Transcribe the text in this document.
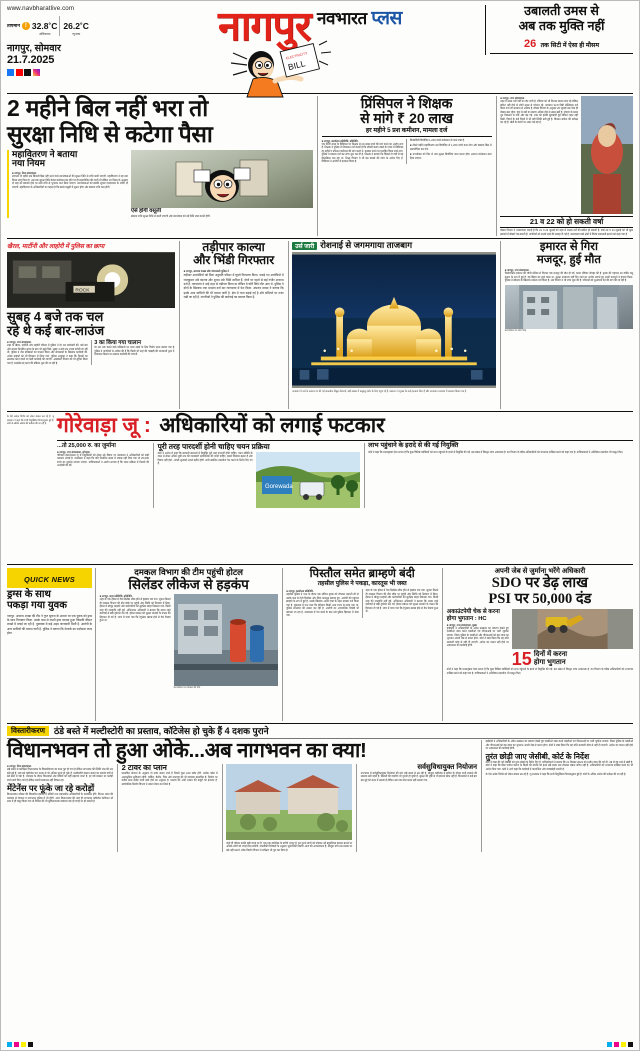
www.navbharatlive.com
तापमान ! 32.8˚C
अधिकतम
26.2˚C
न्यूनतम
नागपुर, सोमवार
21.7.2025
नागपुर नवभारत प्लस
ELECTRICITY
BILL
उबालती उमस से
अब तक मुक्ति नहीं
26 तक सिटी में ऐसा ही मौसम
2 महीने बिल नहीं भरा तो
सुरक्षा निधि से कटेगा पैसा
महावितरण ने बताया
नया नियम
■ नागपुर, निज संवाददाता.
लगातार दो महीने तक बिजली बिल नहीं भरने वाले उपभोक्ताओं की सुरक्षा निधि से राशि काटी जाएगी. महावितरण ने यह नया नियम लागू किया है. अब तक सुरक्षा निधि केवल कनेक्शन बंद होने पर ही समायोजित की जाती थी लेकिन नए नियम के अनुसार दो माह का बकाया होने पर उसी राशि से भुगतान मान लिया जाएगा. उपभोक्ताओं को इसकी सूचना एसएमएस के जरिए दी जाएगी. महावितरण के अधिकारियों का कहना है कि इससे वसूली में सुधार होगा और बकाया राशि कम होगी.
ऐसे होगी वसूली
बकाया राशि सुरक्षा निधि से काटी जाएगी और उपभोक्ता को नई निधि जमा करनी होगी.
प्रिंसिपल ने शिक्षक
से मांगे ₹ 20 लाख
हर महीने 5 प्रश कमीशन, मामला दर्ज
■ नागपुर, कार्यालय प्रतिनिधि, प्रतिनिधि.
एक निजी शाला के प्रिंसिपल पर शिक्षक से 20 लाख रुपये की मांग करने का आरोप लगा है. शिक्षक ने पुलिस में शिकायत दर्ज कराई है कि नौकरी बनाए रखने के एवज में प्रिंसिपल हर महीने 5 प्रतिशत कमीशन की मांग करते थे. इनकार करने पर प्रताड़ित किया जाने लगा. पुलिस ने मामला दर्ज कर जांच शुरू कर दी है. शिक्षक ने बताया कि पिछले दो वर्षों से यह सिलसिला चल रहा था. शिक्षा विभाग ने भी इस मामले की जांच के आदेश दिए हैं. प्रिंसिपल ने आरोपों से इनकार किया है.
सिक्योरिटी डिपॉजिट 1,200 रुपये कनेक्शन के पास जमा है.
■ तीसरे महीने महावितरण उस डिपॉजिट से 1,200 रुपये काट लेगा और बकाया बिल में समायोजित कर देगा.
■ उपभोक्ता को फिर से नया सुरक्षा डिपॉजिट जमा करना होगा अन्यथा कनेक्शन काट दिया जाएगा.
■ नागपुर, नगर संवाददाता.
शहर में उमस भरी गर्मी का दौर जारी है. रविवार को भी दिनभर बादल छाए रहे लेकिन बारिश नहीं होने से लोगों उमस से परेशान रहे. तापमान 32.8 डिग्री सेल्सियस दर्ज किया गया जो सामान्य से अधिक है. मौसम विभाग के अनुसार 26 जुलाई तक ऐसा ही मौसम बना रहेगा. हवा में नमी का प्रमाण अधिक होने से उमस बढ़ी है. दोपहर के समय धूप निकलने से गर्मी और बढ़ गई. शाम को हल्की बूंदाबांदी हुई लेकिन राहत नहीं मिली. विदर्भ के कई जिलों में भी यही स्थिति बनी हुई है. किसान बारिश की प्रतीक्षा कर रहे हैं. खेती के कामों पर असर पड़ रहा है.
21 व 22 को हो सकती वर्षा
मौसम विभाग ने भाकणवाद जताई है कि 21 व 22 जुलाई को शहर में मध्यम दर्जे की बारिश हो सकती है. वर्षा 23 व 24 जुलाई को भी कुछ इलाकों में बौछारें पड़ सकती हैं. नागरिकों को सतर्क रहने की सलाह दी गई है. जलजमाव वाले क्षेत्रों में विशेष सावधानी बरतने को कहा गया है.
खैरल, मार्टीनी और लाहोरी में पुलिस का छापा
ROCK
सुबह 4 बजे तक चल
रहे थे कई बार-लाउंज
■ नागपुर, नगर संवाददाता.
शहर के खैरल, मार्टीनी और लाहोरी परिसर में पुलिस ने देर रात छापेमारी की. कई बार और लाउंज निर्धारित समय के बाद भी खुले मिले. सुबह 4 बजे तक शराब परोसी जा रही थी. पुलिस ने तीन प्रतिष्ठानों का चालान किया और संचालकों के खिलाफ कार्रवाई की. अनेक ग्राहकों को भी हिरासत में लिया गया. पुलिस आयुक्त ने कहा कि नियमों का उल्लंघन करने वालों पर कड़ी कार्रवाई की जाएगी. आबकारी विभाग को भी सूचित किया गया है. लाइसेंस रद्द करने की प्रक्रिया शुरू की जा रही है.
3 का किया गया चालान
देर रात तक चलने वाले प्रतिष्ठानों पर नजर रखने के लिए विशेष दस्ता बनाया गया है. पुलिस ने नागरिकों से अपील की है कि किसी भी तरह की गड़बड़ी की जानकारी तुरंत दें. शिकायत मिलने पर तत्काल कार्रवाई की जाएगी.
तड़ीपार काल्या
और भिंडी गिरफ्तार
■ नागपुर, अपराध शाखा और पंचपावली पुलिस ने
तड़ीपार अपराधियों को बिना अनुमति परिसर में घूमते गिरफ्तार किया. पकड़े गए आरोपियों में राजकुमार उर्फ काल्या और शुभम उर्फ भिंडी शामिल हैं. दोनों पर पहले से कई गंभीर अपराध दर्ज हैं. न्यायालय ने उन्हें शहर से तड़ीपार किया था लेकिन वे चोरी छिपे लौट आए थे. पुलिस ने दोनों के खिलाफ नया मामला दर्ज कर न्यायालय में पेश किया. अपराध शाखा ने बताया कि इनके अन्य साथियों की भी तलाश जारी है. क्षेत्र में गश्त बढ़ाई गई है और संदिग्धों पर नजर रखी जा रही है. नागरिकों ने पुलिस की कार्रवाई का स्वागत किया है.
उर्स जारी रोशनाई से जगमगाया ताजबाग
ताजबाग में उर्स के अवसर पर की गई आकर्षक विद्युत रोशनाई. बड़ी संख्या में श्रद्धालु दर्शन के लिए पहुंच रहे हैं. प्रशासन ने सुरक्षा के कड़े इंतजाम किए हैं और यातायात व्यवस्था में बदलाव किया गया है.
इमारत से गिरा
मजदूर, हुई मौत
■ नागपुर, नगर संवाददाता.
निर्माणाधीन इमारत की चौथी मंजिल से गिरकर एक मजदूर की मौत हो गई. घटना रविवार दोपहर की है. मृतक की पहचान 32 वर्षीय रामू कुमार के रूप में हुई है. वह बिहार का रहने वाला था. सुरक्षा उपकरण नहीं दिए जाने का आरोप लगाते हुए साथी मजदूरों ने हंगामा किया. पुलिस ने ठेकेदार के खिलाफ मामला दर्ज किया है. श्रम विभाग ने भी जांच शुरू की है. परिजनों को मुआवजा देने की मांग की जा रही है.
घटनास्थल पर जमा भीड़
के ऐसे अनेक निर्णय को लेकर सवाल उठ रहे हैं. जू प्रशासन ने कहा कि सभी नियुक्तियां नियमानुसार हुई हैं. कोर्ट के अंतिम आदेश की प्रतीक्षा की जा रही है. गोरेवाड़ा जू : अधिकारियों को लगाई फटकार
...तो 25,000 रु. का जुर्माना
■ नागपुर, नगर संवाददाता, सोमवार.
गोरेवाड़ा इंटरनेशनल जू में नियुक्तियों को लेकर उठे विवाद पर न्यायालय ने अधिकारियों को कड़ी फटकार लगाई है. न्यायालय ने कहा कि यदि निर्धारित समय में जवाब नहीं दिया गया तो 25,000 रुपये का जुर्माना लगाया जाएगा. याचिकाकर्ता ने आरोप लगाया है कि चयन प्रक्रिया में नियमों की अनदेखी की गई.
पूरी तरह पारदर्शी होनी चाहिए चयन प्रक्रिया
कोर्ट ने आदेश में कहा कि सरकारी संस्थानों में नियुक्ति पूरी तरह पारदर्शी होनी चाहिए. चयन समिति के गठन से लेकर अंतिम सूची तक की जानकारी सार्वजनिक की जानी चाहिए. इससे विश्वास बढ़ता है और विवाद नहीं होते. अगली सुनवाई अगले महीने होगी. सभी संबंधित दस्तावेज पेश करने के निर्देश दिए गए हैं.
Gorewada
लाभ पहुंचाने के इरादे से की गई नियुक्ति
कोर्ट ने कहा कि प्रथमदृष्टया ऐसा लगता है कि कुछ विशिष्ट व्यक्तियों को लाभ पहुंचाने के इरादे से नियुक्ति की गई. इस संबंध में विस्तृत जांच आवश्यक है. वन विभाग के वरिष्ठ अधिकारियों को शपथपत्र दाखिल करने को कहा गया है. याचिकाकर्ता ने अतिरिक्त दस्तावेज भी प्रस्तुत किए.
QUICK NEWS
ड्रग्स के साथ
पकड़ा गया युवक
नागपुर. अपराध शाखा की टीम ने गुप्त सूचना के आधार पर एक युवक को ड्रग्स के साथ गिरफ्तार किया. उसके पास से एमडी ड्रग्स बरामद हुआ जिसकी कीमत लाखों में बताई जा रही है. पूछताछ में कई अहम जानकारी मिली है. आरोपी के अन्य साथियों की तलाश जारी है. पुलिस ने बताया कि नेटवर्क का पर्दाफाश जल्द होगा.
दमकल विभाग की टीम पहुंची होटल
सिलेंडर लीकेज से हड़कंप
■ नागपुर, शहर प्रतिनिधि, प्रतिनिधि.
शहर के एक होटल में गैस सिलेंडर लीक होने से हड़कंप मच गया. सूचना मिलते ही दमकल विभाग की टीम मौके पर पहुंची और स्थिति को नियंत्रण में लिया. होटल में मौजूद ग्राहकों और कर्मचारियों को सुरक्षित बाहर निकाला गया. किसी तरह की जनहानि नहीं हुई. अग्निशमन अधिकारी ने बताया कि समय रहते कार्रवाई से बड़ी दुर्घटना टल गई. होटल प्रबंधन को सुरक्षा मानकों के पालन की हिदायत दी गई है. जांच में पाया गया कि रेगुलेटर खराब होने से गैस रिसाव हुआ था.
घटनास्थल पर दमकल की टीम
पिस्तौल समेत ब्राम्हणे बंदी
तहसील पुलिस ने पकड़ा, कारतूस भी जब्त
■ नागपुर, कार्यालय प्रतिनिधि.
तहसील पुलिस ने गश्त के दौरान एक संदिग्ध युवक को रोककर तलाशी ली तो उसके पास से देशी पिस्तौल और जिंदा कारतूस बरामद हुए. आरोपी की पहचान ब्राम्हणे के रूप में हुई है. उसके खिलाफ आर्म्स एक्ट के तहत मामला दर्ज किया गया है. पूछताछ में पता चला कि हथियार किसी अन्य राज्य से लाया गया था. पुलिस सप्लायर की तलाश कर रही है. आरोपी का आपराधिक रिकॉर्ड भी खंगाला जा रहा है. न्यायालय में पेश करने के बाद उसे पुलिस हिरासत में भेजा गया.
शहर के एक होटल में गैस सिलेंडर लीक होने से हड़कंप मच गया. सूचना मिलते ही दमकल विभाग की टीम मौके पर पहुंची और स्थिति को नियंत्रण में लिया. होटल में मौजूद ग्राहकों और कर्मचारियों को सुरक्षित बाहर निकाला गया. किसी तरह की जनहानि नहीं हुई. अग्निशमन अधिकारी ने बताया कि समय रहते कार्रवाई से बड़ी दुर्घटना टल गई. होटल प्रबंधन को सुरक्षा मानकों के पालन की हिदायत दी गई है. जांच में पाया गया कि रेगुलेटर खराब होने से गैस रिसाव हुआ था.
अपनी जेब से जुर्माना भरेंगे अधिकारी
SDO पर डेढ़ लाख
PSI पर 50,000 दंड
अकाउंटपेयी चेक से करना होगा भुगतान : HC
■ नागपुर, नगर संवाददाता, मुख्य
हाईकोर्ट ने अधिकारियों के अवैध उत्खनन का प्रकरण देखते हुए एसडीओ जब्त करने एसडीओ एवं पीएसआई पर भारी जुर्माना लगाया. जिला पुलिस के एसडीओ और पीएसआई को इस रकम का भुगतान अपनी जेब से करना होगा. कोर्ट ने स्पष्ट किया कि यह राशि सरकारी कोष से नहीं दी जाएगी. आदेश का पालन नहीं होने पर अवमानना की कार्रवाई होगी.
15 दिनों में करना
होगा भुगतान
कोर्ट ने कहा कि प्रथमदृष्टया ऐसा लगता है कि कुछ विशिष्ट व्यक्तियों को लाभ पहुंचाने के इरादे से नियुक्ति की गई. इस संबंध में विस्तृत जांच आवश्यक है. वन विभाग के वरिष्ठ अधिकारियों को शपथपत्र दाखिल करने को कहा गया है. याचिकाकर्ता ने अतिरिक्त दस्तावेज भी प्रस्तुत किए.
विस्तारीकरण	ठंडे बस्ते में मल्टीस्टोरी का प्रस्ताव, कॉटेजेस हो चुके हैं 4 दशक पुराने
विधानभवन तो हुआ ओके...अब नागभवन का क्या!
■ नागपुर, निज संवाददाता.
लंबे समय से प्रतीक्षित विधानभवन के विस्तारीकरण का काम पूरा हो गया है लेकिन नागभवन की स्थिति जस की तस बनी हुई है. यहां बने कॉटेजेस चार दशक से भी अधिक पुराने हो चुके हैं. मल्टीस्टोरी इमारत बनाने का प्रस्ताव वर्षों से ठंडे बस्ते में पड़ा है. शीतसत्र के दौरान विधायकों और मंत्रियों को यहीं ठहराया जाता है. हर वर्ष मरम्मत पर करोड़ों रुपये खर्च किए जाते हैं लेकिन स्थायी समाधान नहीं निकल रहा.
मेंटेनेंस पर फूंके जा रहे करोड़ों
विधानभवन परिसर की विस्तारित इमारतें में मंत्रियों तथा मंत्रालयीन अधिकारियों के कार्यालय होंगे. विधान भवन की व्यवस्था से राेजाना व नागभवन पुलिस में भी होंगी. अगर विधानभवन की तरह ही नागभवन कॉटेजेस रेनोवेशन भी साथ में ही मंजूर किया गया तो निवास की भी सुविधाजनक व्यवस्था एक ही जगह पर हो सकती है.
2 टावर का प्लान
प्रस्तावित योजना के अनुसार दो टावर बनाए जाने हैं जिनमें कुल 229 फ्लैट होंगे. प्रत्येक फ्लैट में अत्याधुनिक सुविधाएं रहेंगी. पार्किंग, कैंटीन, जिम और सभागृह की भी व्यवस्था प्रस्तावित है. निर्माण पर करीब 400 करोड़ रुपये खर्च होने का अनुमान है. प्रस्ताव को अभी शासन की मंजूरी का इंतजार है. सार्वजनिक निर्माण विभाग ने नक्शा तैयार कर लिया है.
दोनों ही परिसर काफी बड़ी जगह पर हैं. एक-एक कॉटेजेस के बगीचे भरपूर हैं. इन पुराने ढांचों को तोड़कर नई बहुमंजिला इमारत बनाने पर अधिक लोगों को जगह मिल सकेगी. तकनीकी विशेषज्ञों के अनुसार भूकंपरोधी निर्माण आज की आवश्यकता है. मौजूदा ढांचे उस मानक पर खरे नहीं उतरते. लोक निर्माण विभाग ने सर्वेक्षण भी पूरा कर लिया है.
सर्वसुविधायुक्त नियोजन
नागभवन में सर्वसुविधायुक्त नियोजन की मांग लंबे समय से उठ रही है. मौजूदा कॉटेजेस में बारिश के दौरान पानी टपकने की समस्या बनी रहती है. बिजली की वायरिंग भी पुरानी हो चुकी है. सुरक्षा की दृष्टि से भी इमारतें ठीक नहीं हैं. विधायकों ने कई बार इस मुद्दे को सदन में उठाया है लेकिन अब तक ठोस कदम नहीं उठाया गया.
हाईकोर्ट ने अधिकारियों के अवैध उत्खनन का प्रकरण देखते हुए एसडीओ जब्त करने एसडीओ एवं पीएसआई पर भारी जुर्माना लगाया. जिला पुलिस के एसडीओ और पीएसआई को इस रकम का भुगतान अपनी जेब से करना होगा. कोर्ट ने स्पष्ट किया कि यह राशि सरकारी कोष से नहीं दी जाएगी. आदेश का पालन नहीं होने पर अवमानना की कार्रवाई होगी.
तुरंत छोड़ी जाए जेसीबी, कोर्ट के निर्देश
कोर्ट ने जब्त की गई जेसीबी को तुरंत छोड़ने के निर्देश दिए हैं. याचिकाकर्ता ने बताया कि 21 दिसंबर 2024 को मशीन जब्त की गई थी. तब से वह थाने में खड़ी है. कोर्ट ने कहा कि बिना पर्याप्त कारण के किसी की संपत्ति को इतने लंबे समय तक रोककर रखना उचित नहीं है. अधिकारियों को शपथपत्र दाखिल करने का भी आदेश दिया गया. कोर्ट ने आगे कहा कि कार्रवाई में पारदर्शिता और जवाबदेही जरूरी है.
के ऐसे अनेक निर्णय को लेकर सवाल उठ रहे हैं. जू प्रशासन ने कहा कि सभी नियुक्तियां नियमानुसार हुई हैं. कोर्ट के अंतिम आदेश की प्रतीक्षा की जा रही है.
